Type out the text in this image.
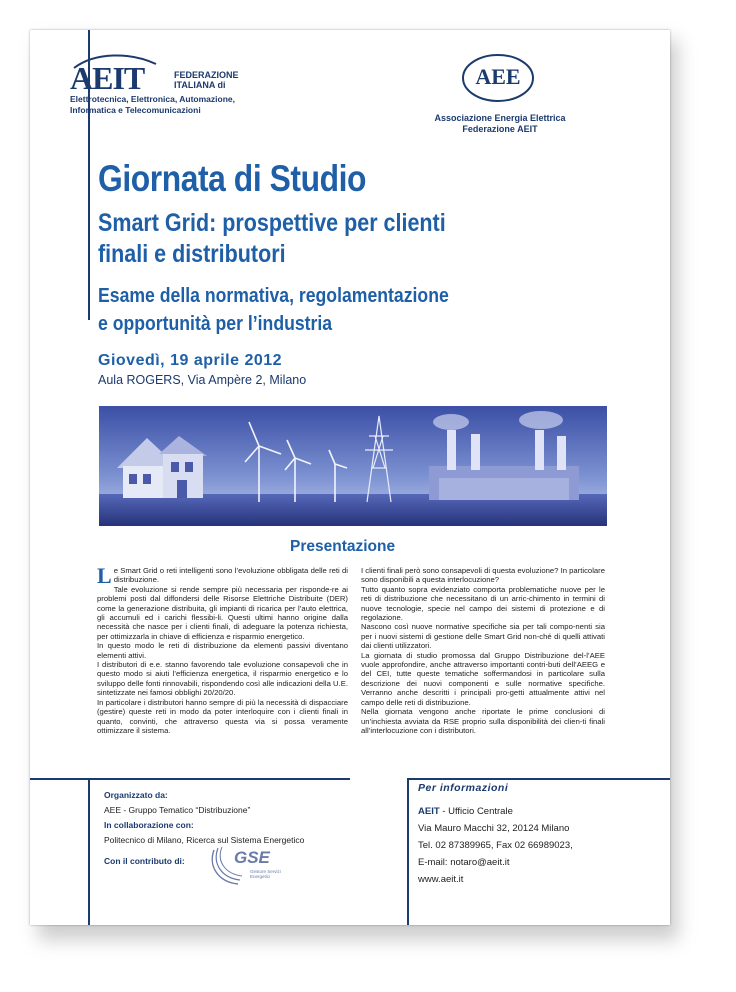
AEIT	FEDERAZIONE
ITALIANA di
Elettrotecnica, Elettronica, Automazione,
Informatica e Telecomunicazioni
AEE
Associazione Energia Elettrica
Federazione AEIT
Giornata di Studio
Smart Grid: prospettive per clienti
finali e distributori
Esame della normativa, regolamentazione
e opportunità per l’industria
Giovedì, 19 aprile 2012
Aula ROGERS, Via Ampère 2, Milano
Presentazione
L e Smart Grid o reti intelligenti sono l’evoluzione obbligata delle reti di distribuzione.

Tale evoluzione si rende sempre più necessaria per risponde-re ai problemi posti dal diffondersi delle Risorse Elettriche Distribuite (DER) come la generazione distribuita, gli impianti di ricarica per l’auto elettrica, gli accumuli ed i carichi flessibi-li. Questi ultimi hanno origine dalla necessità che nasce per i clienti finali, di adeguare la potenza richiesta, per ottimizzarla in chiave di efficienza e risparmio energetico.

In questo modo le reti di distribuzione da elementi passivi diventano elementi attivi.

I distributori di e.e. stanno favorendo tale evoluzione consapevoli che in questo modo si aiuti l’efficienza energetica, il risparmio energetico e lo sviluppo delle fonti rinnovabili, rispondendo così alle indicazioni della U.E. sintetizzate nei famosi obblighi 20/20/20.

In particolare i distributori hanno sempre di più la necessità di dispacciare (gestire) queste reti in modo da poter interloquire con i clienti finali in quanto, convinti, che attraverso questa via si possa veramente ottimizzare il sistema.

I clienti finali però sono consapevoli di questa evoluzione? In particolare sono disponibili a questa interlocuzione?

Tutto quanto sopra evidenziato comporta problematiche nuove per le reti di distribuzione che necessitano di un arric-chimento in termini di nuove tecnologie, specie nel campo dei sistemi di protezione e di regolazione.

Nascono così nuove normative specifiche sia per tali compo-nenti sia per i nuovi sistemi di gestione delle Smart Grid non-ché di quelli attivati dai clienti utilizzatori.

La giornata di studio promossa dal Gruppo Distribuzione del-l’AEE vuole approfondire, anche attraverso importanti contri-buti dell’AEEG e del CEI, tutte queste tematiche soffermandosi in particolare sulla descrizione dei nuovi componenti e sulle normative specifiche. Verranno anche descritti i principali pro-getti attualmente attivi nel campo delle reti di distribuzione.

Nella giornata vengono anche riportate le prime conclusioni di un’inchiesta avviata da RSE proprio sulla disponibilità dei clien-ti finali all’interlocuzione con i distributori.

Organizzato da:
AEE - Gruppo Tematico “Distribuzione”
In collaborazione con:
Politecnico di Milano, Ricerca sul Sistema Energetico
Con il contributo di:	GSE
Gestore Servizi Energetici
Per informazioni
AEIT - Ufficio Centrale
Via Mauro Macchi 32, 20124 Milano
Tel. 02 87389965, Fax 02 66989023,
E-mail: notaro@aeit.it
www.aeit.it
